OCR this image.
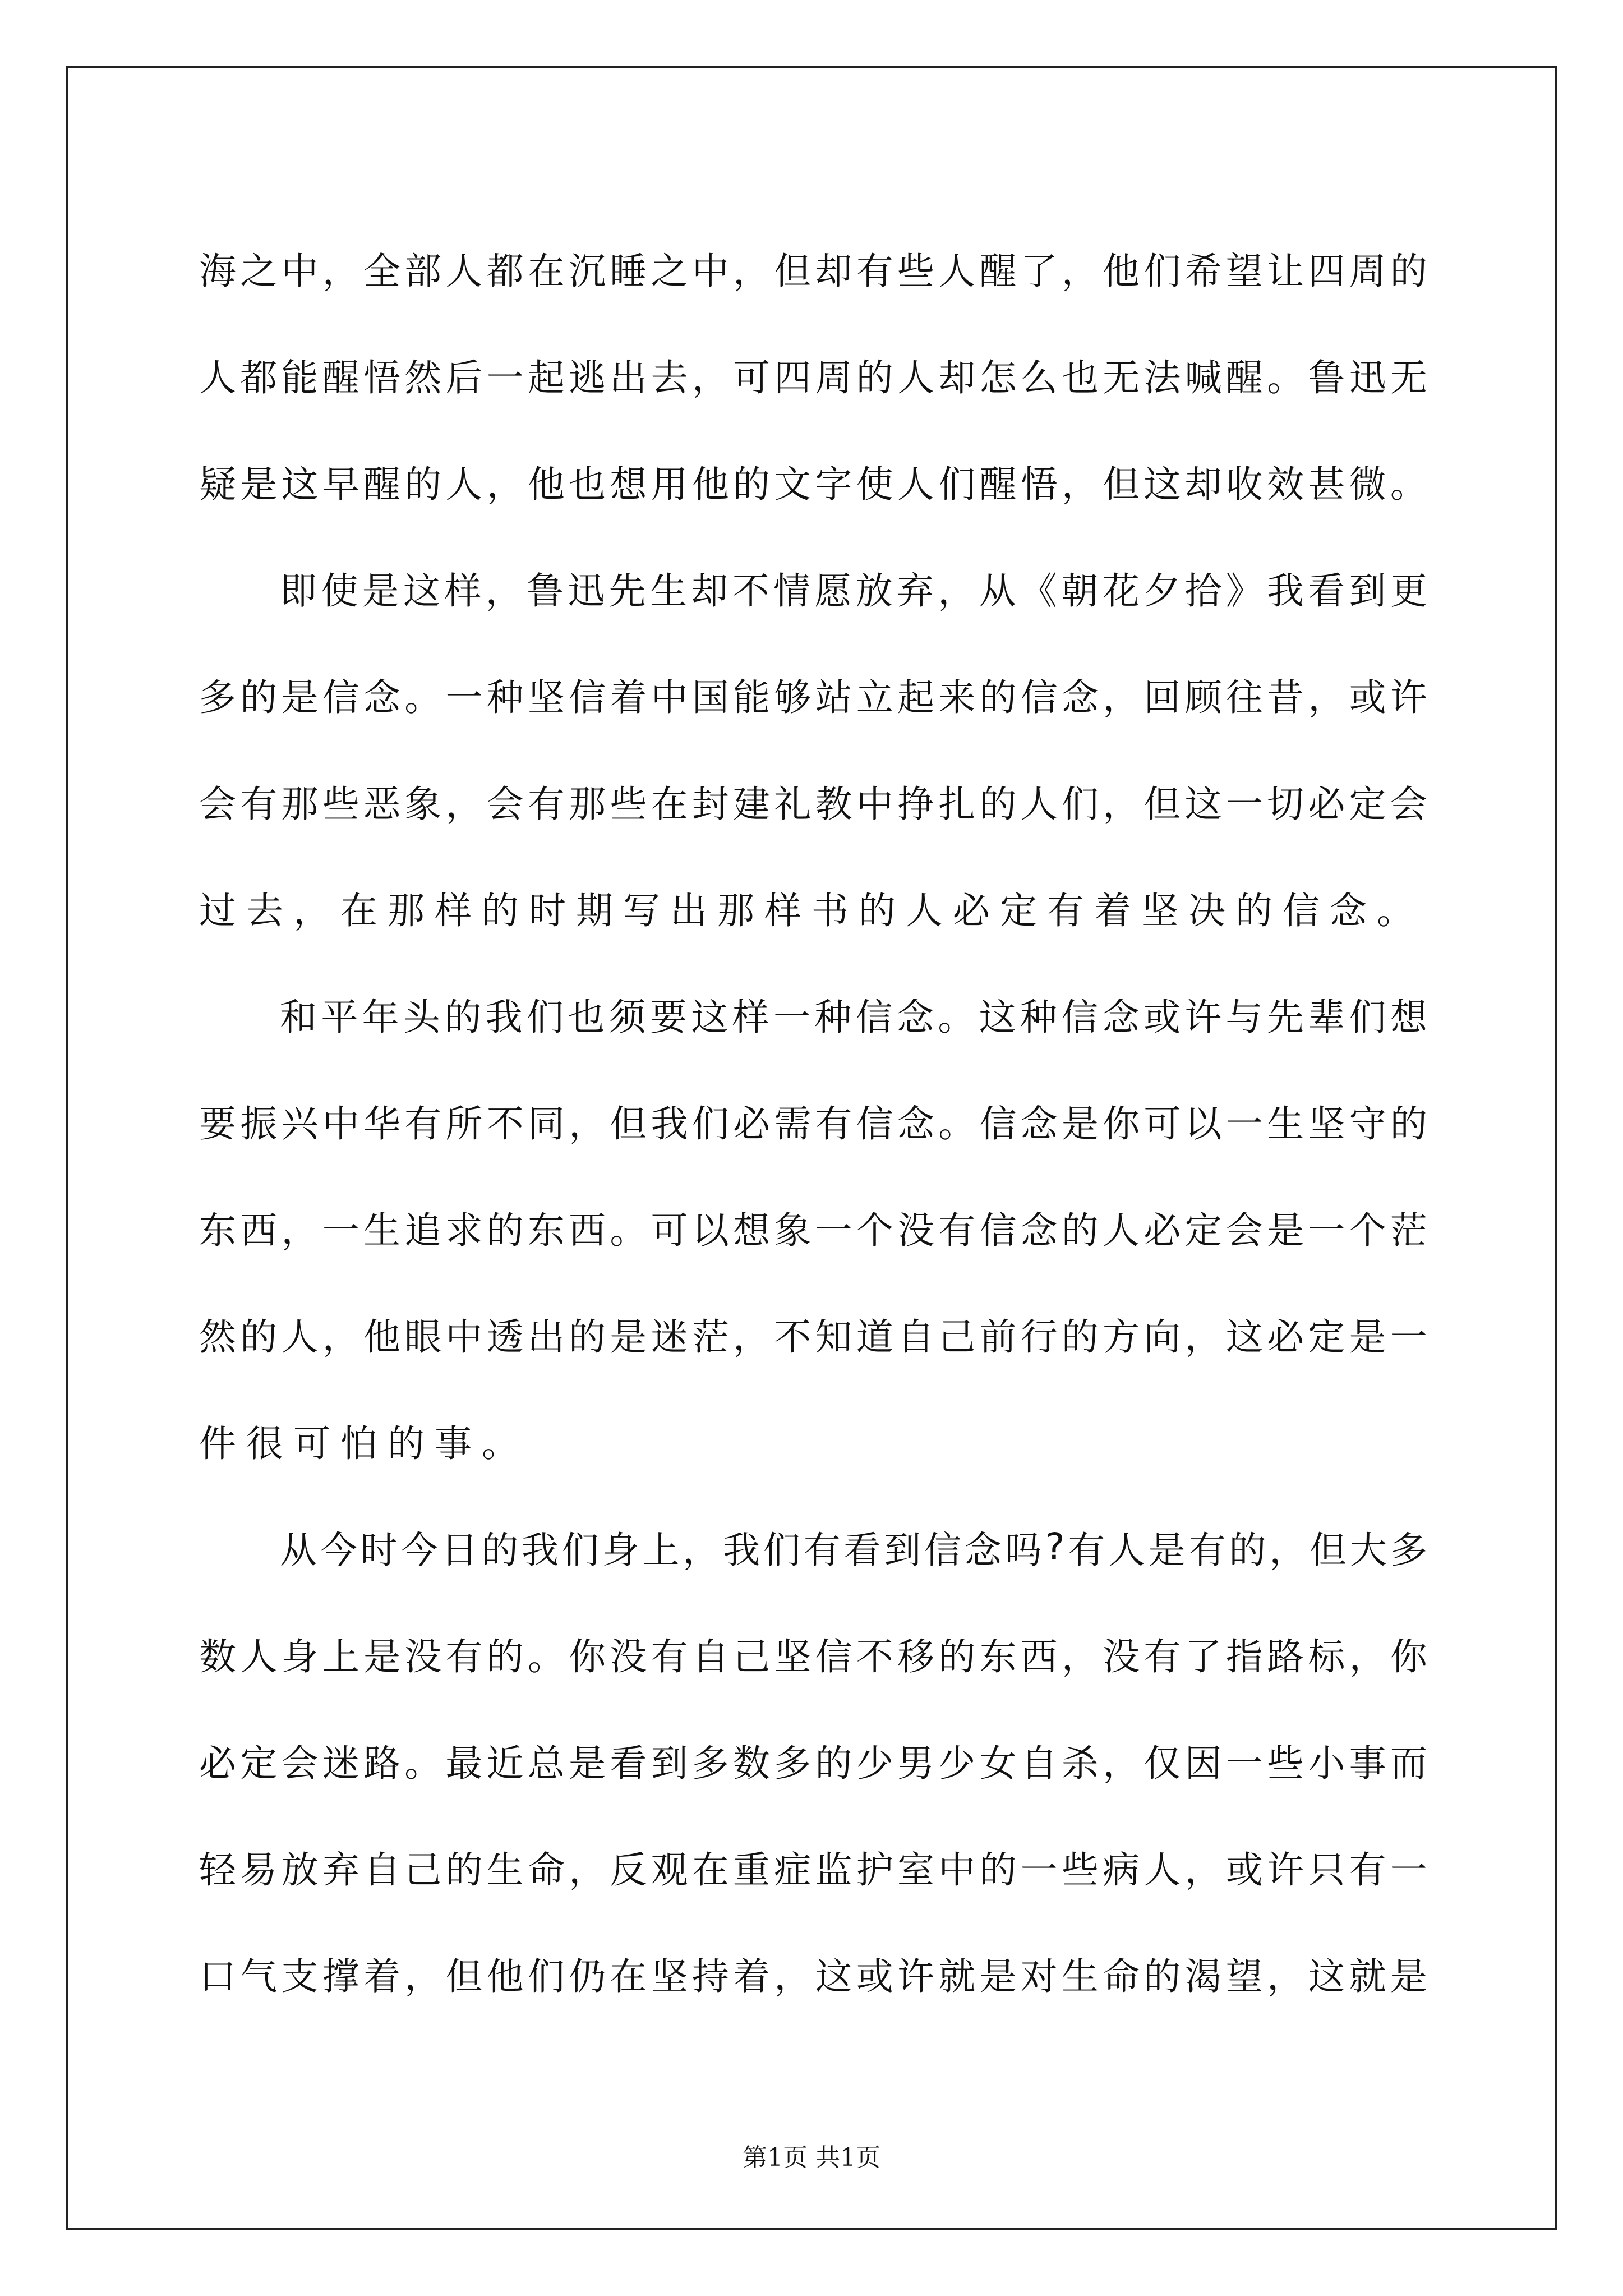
海 之 中 ， 全 部 人 都 在 沉 睡 之 中 ， 但 却 有 些 人 醒 了 ， 他 们 希 望 让 四 周 的
人 都 能 醒 悟 然 后 一 起 逃 出 去 ， 可 四 周 的 人 却 怎 么 也 无 法 喊 醒 。 鲁 迅 无
疑 是 这 早 醒 的 人 ， 他 也 想 用 他 的 文 字 使 人 们 醒 悟 ， 但 这 却 收 效 甚 微 。
即 使 是 这 样 ， 鲁 迅 先 生 却 不 情 愿 放 弃 ， 从 《 朝 花 夕 拾 》 我 看 到 更
多 的 是 信 念 。 一 种 坚 信 着 中 国 能 够 站 立 起 来 的 信 念 ， 回 顾 往 昔 ， 或 许
会 有 那 些 恶 象 ， 会 有 那 些 在 封 建 礼 教 中 挣 扎 的 人 们 ， 但 这 一 切 必 定 会
过去，在那样的时期写出那样书的人必定有着坚决的信念。
和 平 年 头 的 我 们 也 须 要 这 样 一 种 信 念 。 这 种 信 念 或 许 与 先 辈 们 想
要 振 兴 中 华 有 所 不 同 ， 但 我 们 必 需 有 信 念 。 信 念 是 你 可 以 一 生 坚 守 的
东 西 ， 一 生 追 求 的 东 西 。 可 以 想 象 一 个 没 有 信 念 的 人 必 定 会 是 一 个 茫
然 的 人 ， 他 眼 中 透 出 的 是 迷 茫 ， 不 知 道 自 己 前 行 的 方 向 ， 这 必 定 是 一
件很可怕的事。
从 今 时 今 日 的 我 们 身 上 ， 我 们 有 看 到 信 念 吗 ? 有 人 是 有 的 ， 但 大 多
数 人 身 上 是 没 有 的 。 你 没 有 自 己 坚 信 不 移 的 东 西 ， 没 有 了 指 路 标 ， 你
必 定 会 迷 路 。 最 近 总 是 看 到 多 数 多 的 少 男 少 女 自 杀 ， 仅 因 一 些 小 事 而
轻 易 放 弃 自 己 的 生 命 ， 反 观 在 重 症 监 护 室 中 的 一 些 病 人 ， 或 许 只 有 一
口 气 支 撑 着 ， 但 他 们 仍 在 坚 持 着 ， 这 或 许 就 是 对 生 命 的 渴 望 ， 这 就 是
第1页 共1页
